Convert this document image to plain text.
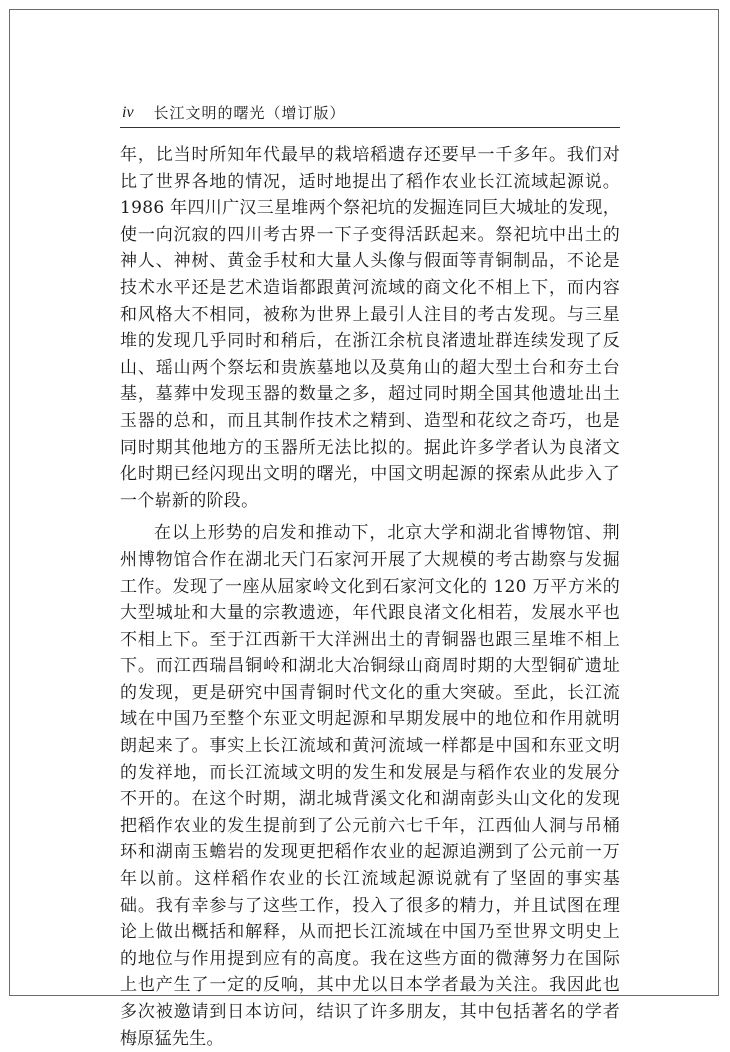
iv 长江文明的曙光（增订版）

年，比当时所知年代最早的栽培稻遗存还要早一千多年。我们对比了世界各地的情况，适时地提出了稻作农业长江流域起源说。1986 年四川广汉三星堆两个祭祀坑的发掘连同巨大城址的发现，使一向沉寂的四川考古界一下子变得活跃起来。祭祀坑中出土的神人、神树、黄金手杖和大量人头像与假面等青铜制品，不论是技术水平还是艺术造诣都跟黄河流域的商文化不相上下，而内容和风格大不相同，被称为世界上最引人注目的考古发现。与三星堆的发现几乎同时和稍后，在浙江余杭良渚遗址群连续发现了反山、瑶山两个祭坛和贵族墓地以及莫角山的超大型土台和夯土台基，墓葬中发现玉器的数量之多，超过同时期全国其他遗址出土玉器的总和，而且其制作技术之精到、造型和花纹之奇巧，也是同时期其他地方的玉器所无法比拟的。据此许多学者认为良渚文化时期已经闪现出文明的曙光，中国文明起源的探索从此步入了一个崭新的阶段。

在以上形势的启发和推动下，北京大学和湖北省博物馆、荆州博物馆合作在湖北天门石家河开展了大规模的考古勘察与发掘工作。发现了一座从屈家岭文化到石家河文化的 120 万平方米的大型城址和大量的宗教遗迹，年代跟良渚文化相若，发展水平也不相上下。至于江西新干大洋洲出土的青铜器也跟三星堆不相上下。而江西瑞昌铜岭和湖北大冶铜绿山商周时期的大型铜矿遗址的发现，更是研究中国青铜时代文化的重大突破。至此，长江流域在中国乃至整个东亚文明起源和早期发展中的地位和作用就明朗起来了。事实上长江流域和黄河流域一样都是中国和东亚文明的发祥地，而长江流域文明的发生和发展是与稻作农业的发展分不开的。在这个时期，湖北城背溪文化和湖南彭头山文化的发现把稻作农业的发生提前到了公元前六七千年，江西仙人洞与吊桶环和湖南玉蟾岩的发现更把稻作农业的起源追溯到了公元前一万年以前。这样稻作农业的长江流域起源说就有了坚固的事实基础。我有幸参与了这些工作，投入了很多的精力，并且试图在理论上做出概括和解释，从而把长江流域在中国乃至世界文明史上的地位与作用提到应有的高度。我在这些方面的微薄努力在国际上也产生了一定的反响，其中尤以日本学者最为关注。我因此也多次被邀请到日本访问，结识了许多朋友，其中包括著名的学者梅原猛先生。
